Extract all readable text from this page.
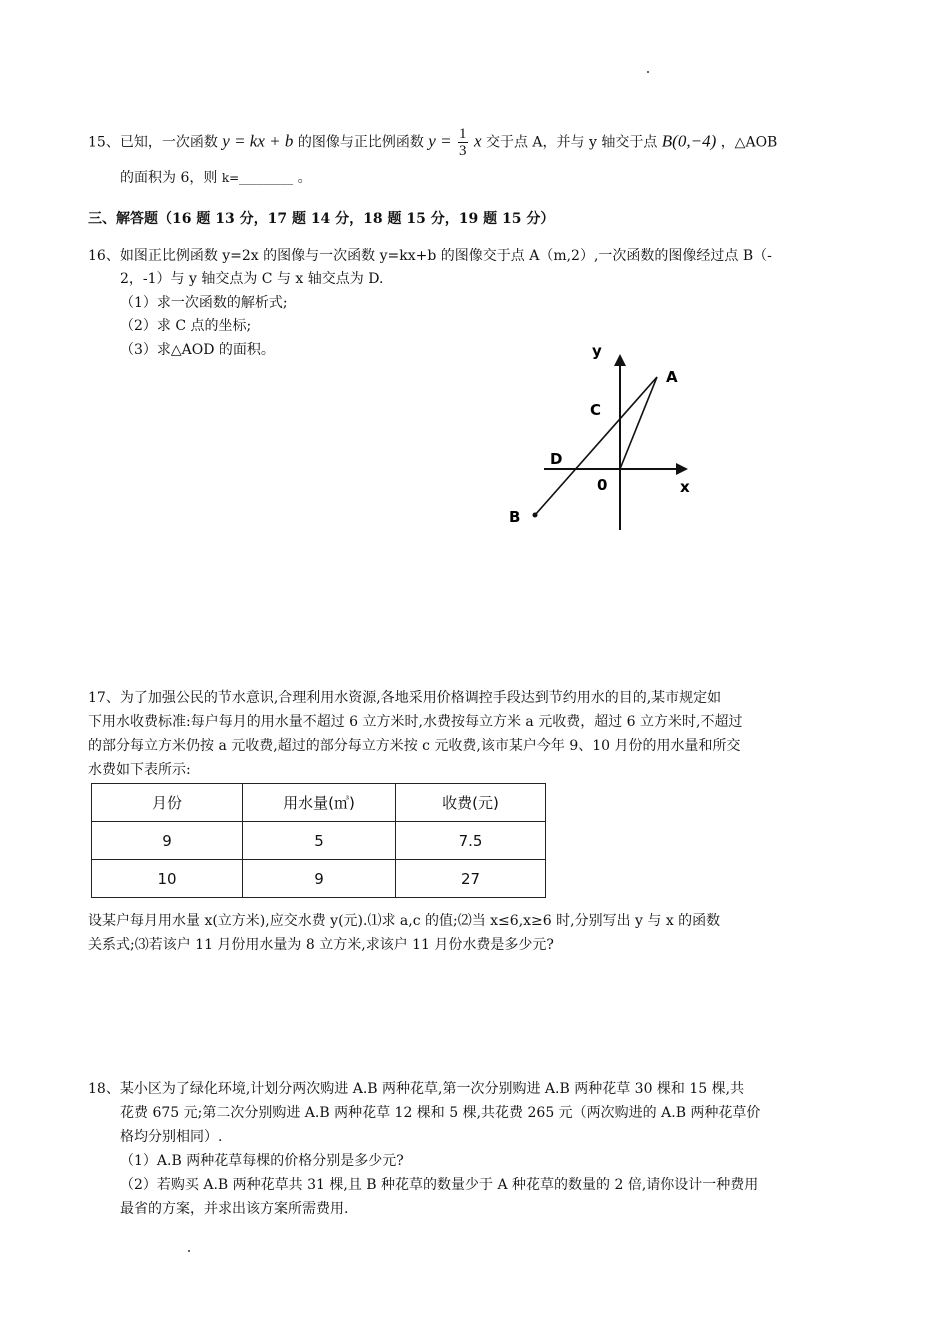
15、已知，一次函数 y = kx + b 的图像与正比例函数 $y = \frac{1}{3}$ x 交于点 A，并与 y 轴交于点 B(0,−4) ，△AOB
的面积为 6，则 k=_________ 。
三、解答题（16 题 13 分，17 题 14 分，18 题 15 分，19 题 15 分）
16、如图正比例函数 y=2x 的图像与一次函数 y=kx+b 的图像交于点 A（m,2）,一次函数的图像经过点 B（-
2，-1）与 y 轴交点为 C 与 x 轴交点为 D.
（1）求一次函数的解析式;
（2）求 C 点的坐标;
（3）求△AOD 的面积。	y
x
0
A
B
C
D
17、为了加强公民的节水意识,合理利用水资源,各地采用价格调控手段达到节约用水的目的,某市规定如
下用水收费标准:每户每月的用水量不超过 6 立方米时,水费按每立方米 a 元收费，超过 6 立方米时,不超过
的部分每立方米仍按 a 元收费,超过的部分每立方米按 c 元收费,该市某户今年 9、10 月份的用水量和所交
水费如下表所示:
月份	用水量(㎥)	收费(元)
9	5	7.5
10	9	27
设某户每月用水量 x(立方米),应交水费 y(元).⑴求 a,c 的值;⑵当 x≤6,x≥6 时,分别写出 y 与 x 的函数
关系式;⑶若该户 11 月份用水量为 8 立方米,求该户 11 月份水费是多少元?
18、某小区为了绿化环境,计划分两次购进 A.B 两种花草,第一次分别购进 A.B 两种花草 30 棵和 15 棵,共
花费 675 元;第二次分别购进 A.B 两种花草 12 棵和 5 棵,共花费 265 元（两次购进的 A.B 两种花草价
格均分别相同）.
（1）A.B 两种花草每棵的价格分别是多少元?
（2）若购买 A.B 两种花草共 31 棵,且 B 种花草的数量少于 A 种花草的数量的 2 倍,请你设计一种费用
最省的方案，并求出该方案所需费用.
